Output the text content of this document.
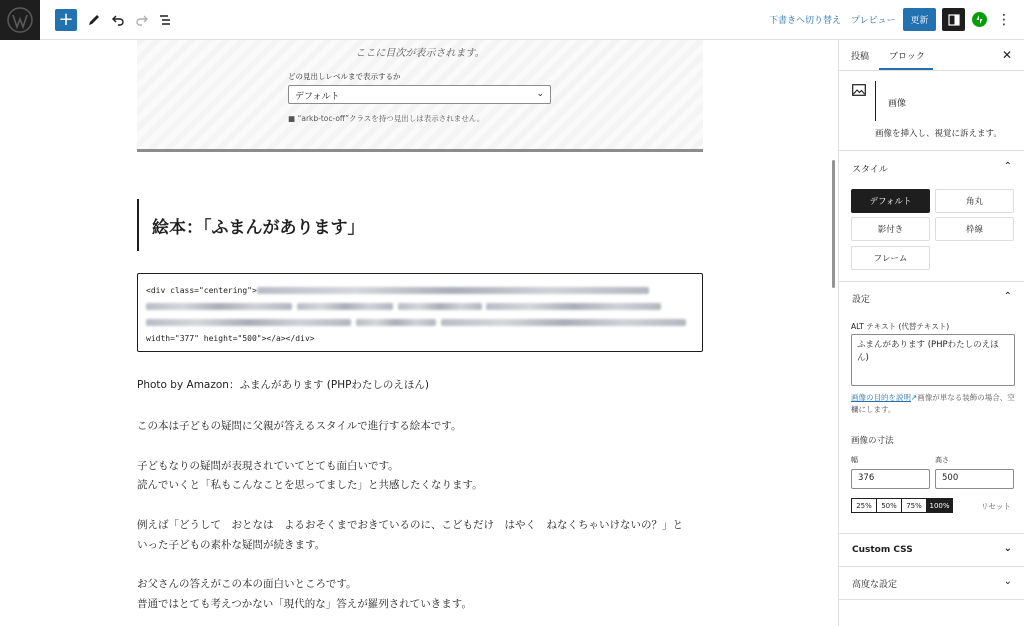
+	下書きへ切り替え プレビュー	更新	⋮
ここに目次が表示されます。
どの見出しレベルまで表示するか
デフォルト	⌄
■ “arkb-toc-off”クラスを持つ見出しは表示されません。
絵本：「ふまんがあります」
<div class="centering">

width="377" height="500"></a></div>
Photo by Amazon：ふまんがあります (PHPわたしのえほん)
この本は子どもの疑問に父親が答えるスタイルで進行する絵本です。
子どもなりの疑問が表現されていてとても面白いです。
読んでいくと「私もこんなことを思ってました」と共感したくなります。
例えば「どうして　おとなは　よるおそくまでおきているのに、こどもだけ　はやく　ねなくちゃいけないの？」と
いった子どもの素朴な疑問が続きます。
お父さんの答えがこの本の面白いところです。
普通ではとても考えつかない「現代的な」答えが羅列されていきます。
投稿 ブロック	✕
画像
画像を挿入し、視覚に訴えます。
スタイル	⌃
デフォルト	角丸
影付き	枠線
フレーム
設定	⌃
ALT テキスト (代替テキスト)
ふまんがあります (PHPわたしのえほん)
画像の目的を説明↗画像が単なる装飾の場合、空欄にします。
画像の寸法
幅	高さ
376	500
25%	50%	75%	100%	リセット
Custom CSS	⌄
高度な設定	⌄
